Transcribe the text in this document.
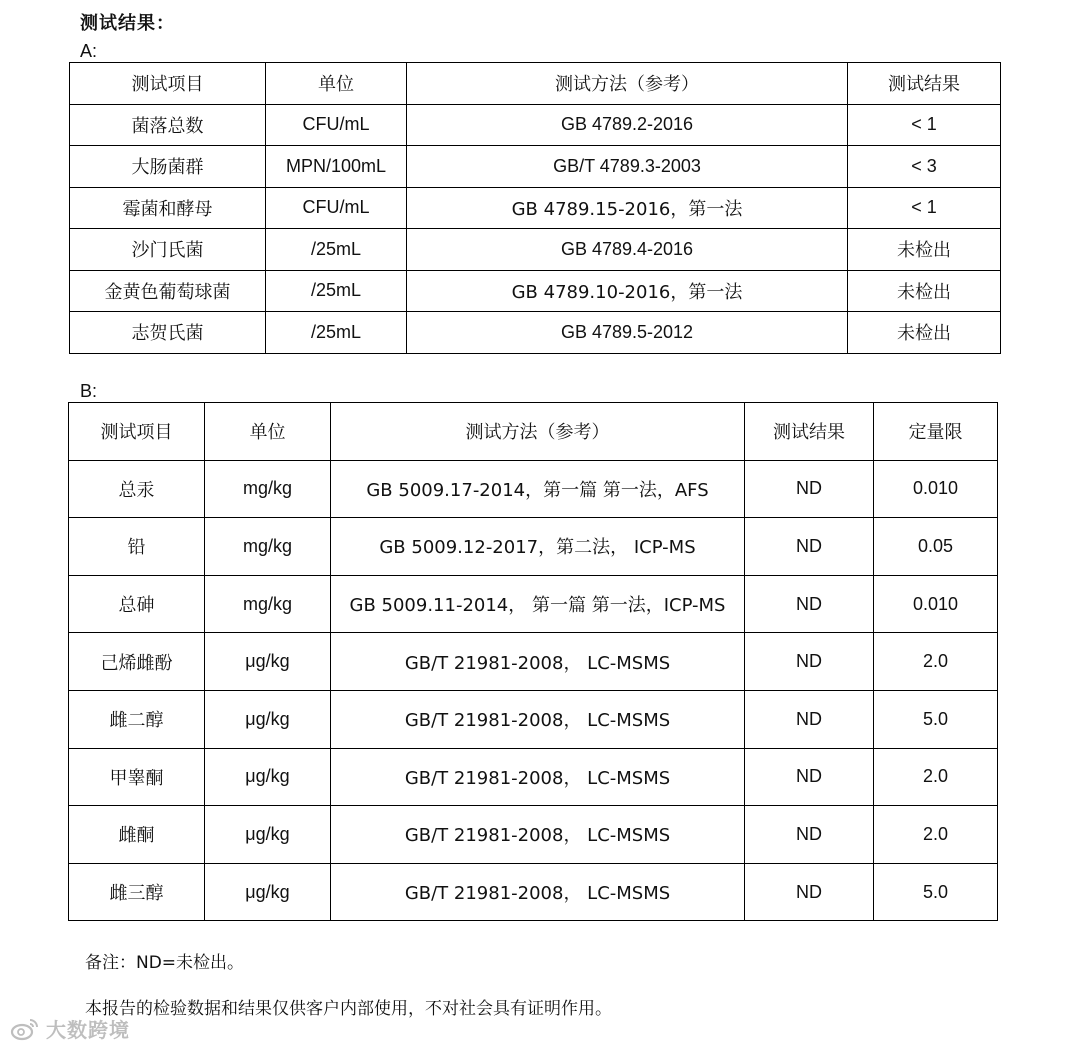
测试结果：
A:
测试项目	单位	测试方法（参考）	测试结果
菌落总数	CFU/mL	GB 4789.2-2016	< 1
大肠菌群	MPN/100mL	GB/T 4789.3-2003	< 3
霉菌和酵母	CFU/mL	GB 4789.15-2016，第一法	< 1
沙门氏菌	/25mL	GB 4789.4-2016	未检出
金黄色葡萄球菌	/25mL	GB 4789.10-2016，第一法	未检出
志贺氏菌	/25mL	GB 4789.5-2012	未检出
B:
测试项目	单位	测试方法（参考）	测试结果	定量限
总汞	mg/kg	GB 5009.17-2014，第一篇 第一法，AFS	ND	0.010
铅	mg/kg	GB 5009.12-2017，第二法， ICP-MS	ND	0.05
总砷	mg/kg	GB 5009.11-2014， 第一篇 第一法，ICP-MS	ND	0.010
己烯雌酚	μg/kg	GB/T 21981-2008， LC-MSMS	ND	2.0
雌二醇	μg/kg	GB/T 21981-2008， LC-MSMS	ND	5.0
甲睾酮	μg/kg	GB/T 21981-2008， LC-MSMS	ND	2.0
雌酮	μg/kg	GB/T 21981-2008， LC-MSMS	ND	2.0
雌三醇	μg/kg	GB/T 21981-2008， LC-MSMS	ND	5.0
备注：ND=未检出。
本报告的检验数据和结果仅供客户内部使用，不对社会具有证明作用。
大数跨境
